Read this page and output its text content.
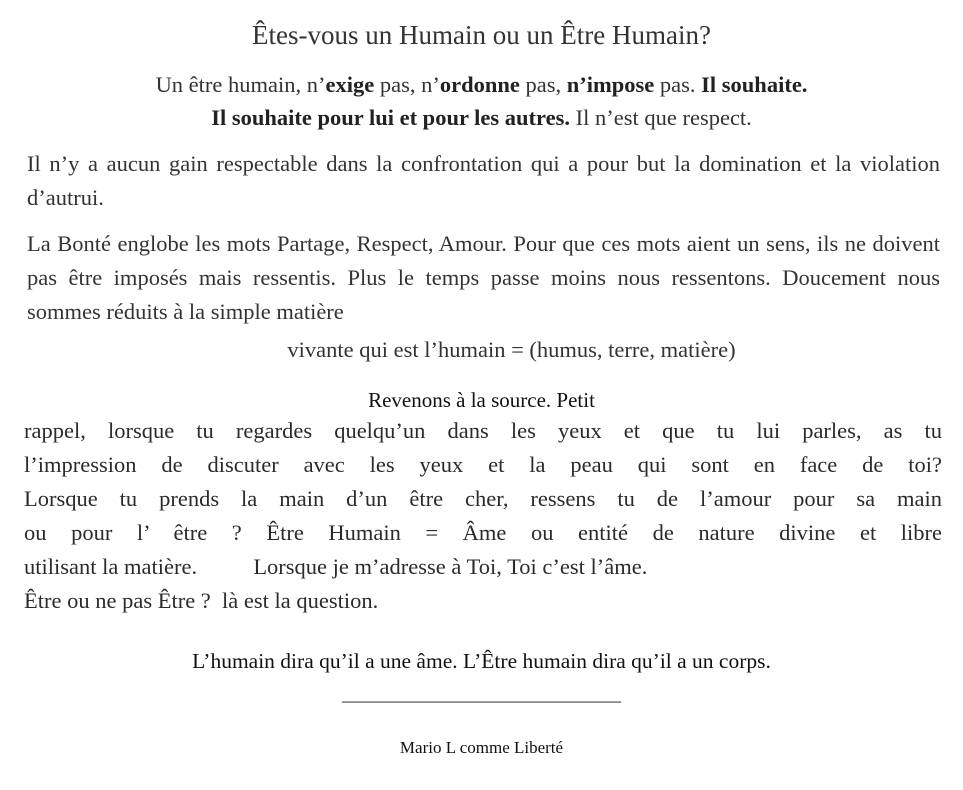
Êtes-vous un Humain ou un Être Humain?
Un être humain, n’exige pas, n’ordonne pas, n’impose pas. Il souhaite.
Il souhaite pour lui et pour les autres. Il n’est que respect.
Il n’y a aucun gain respectable dans la confrontation qui a pour but la domination et la violation d’autrui.
La Bonté englobe les mots Partage, Respect, Amour. Pour que ces mots aient un sens, ils ne doivent pas être imposés mais ressentis. Plus le temps passe moins nous ressentons. Doucement nous sommes réduits à la simple matière
vivante qui est l’humain = (humus, terre, matière)
Revenons à la source. Petit
rappel, lorsque tu regardes quelqu’un dans les yeux et que tu lui parles, as tu
l’impression de discuter avec les yeux et la peau qui sont en face de toi?
Lorsque tu prends la main d’un être cher, ressens tu de l’amour pour sa main
ou pour l’ être ? Être Humain = Âme ou entité de nature divine et libre
utilisant la matière.          Lorsque je m’adresse à Toi, Toi c’est l’âme.
Être ou ne pas Être ?  là est la question.
L’humain dira qu’il a une âme. L’Être humain dira qu’il a un corps.
_______________________________
Mario L comme Liberté
